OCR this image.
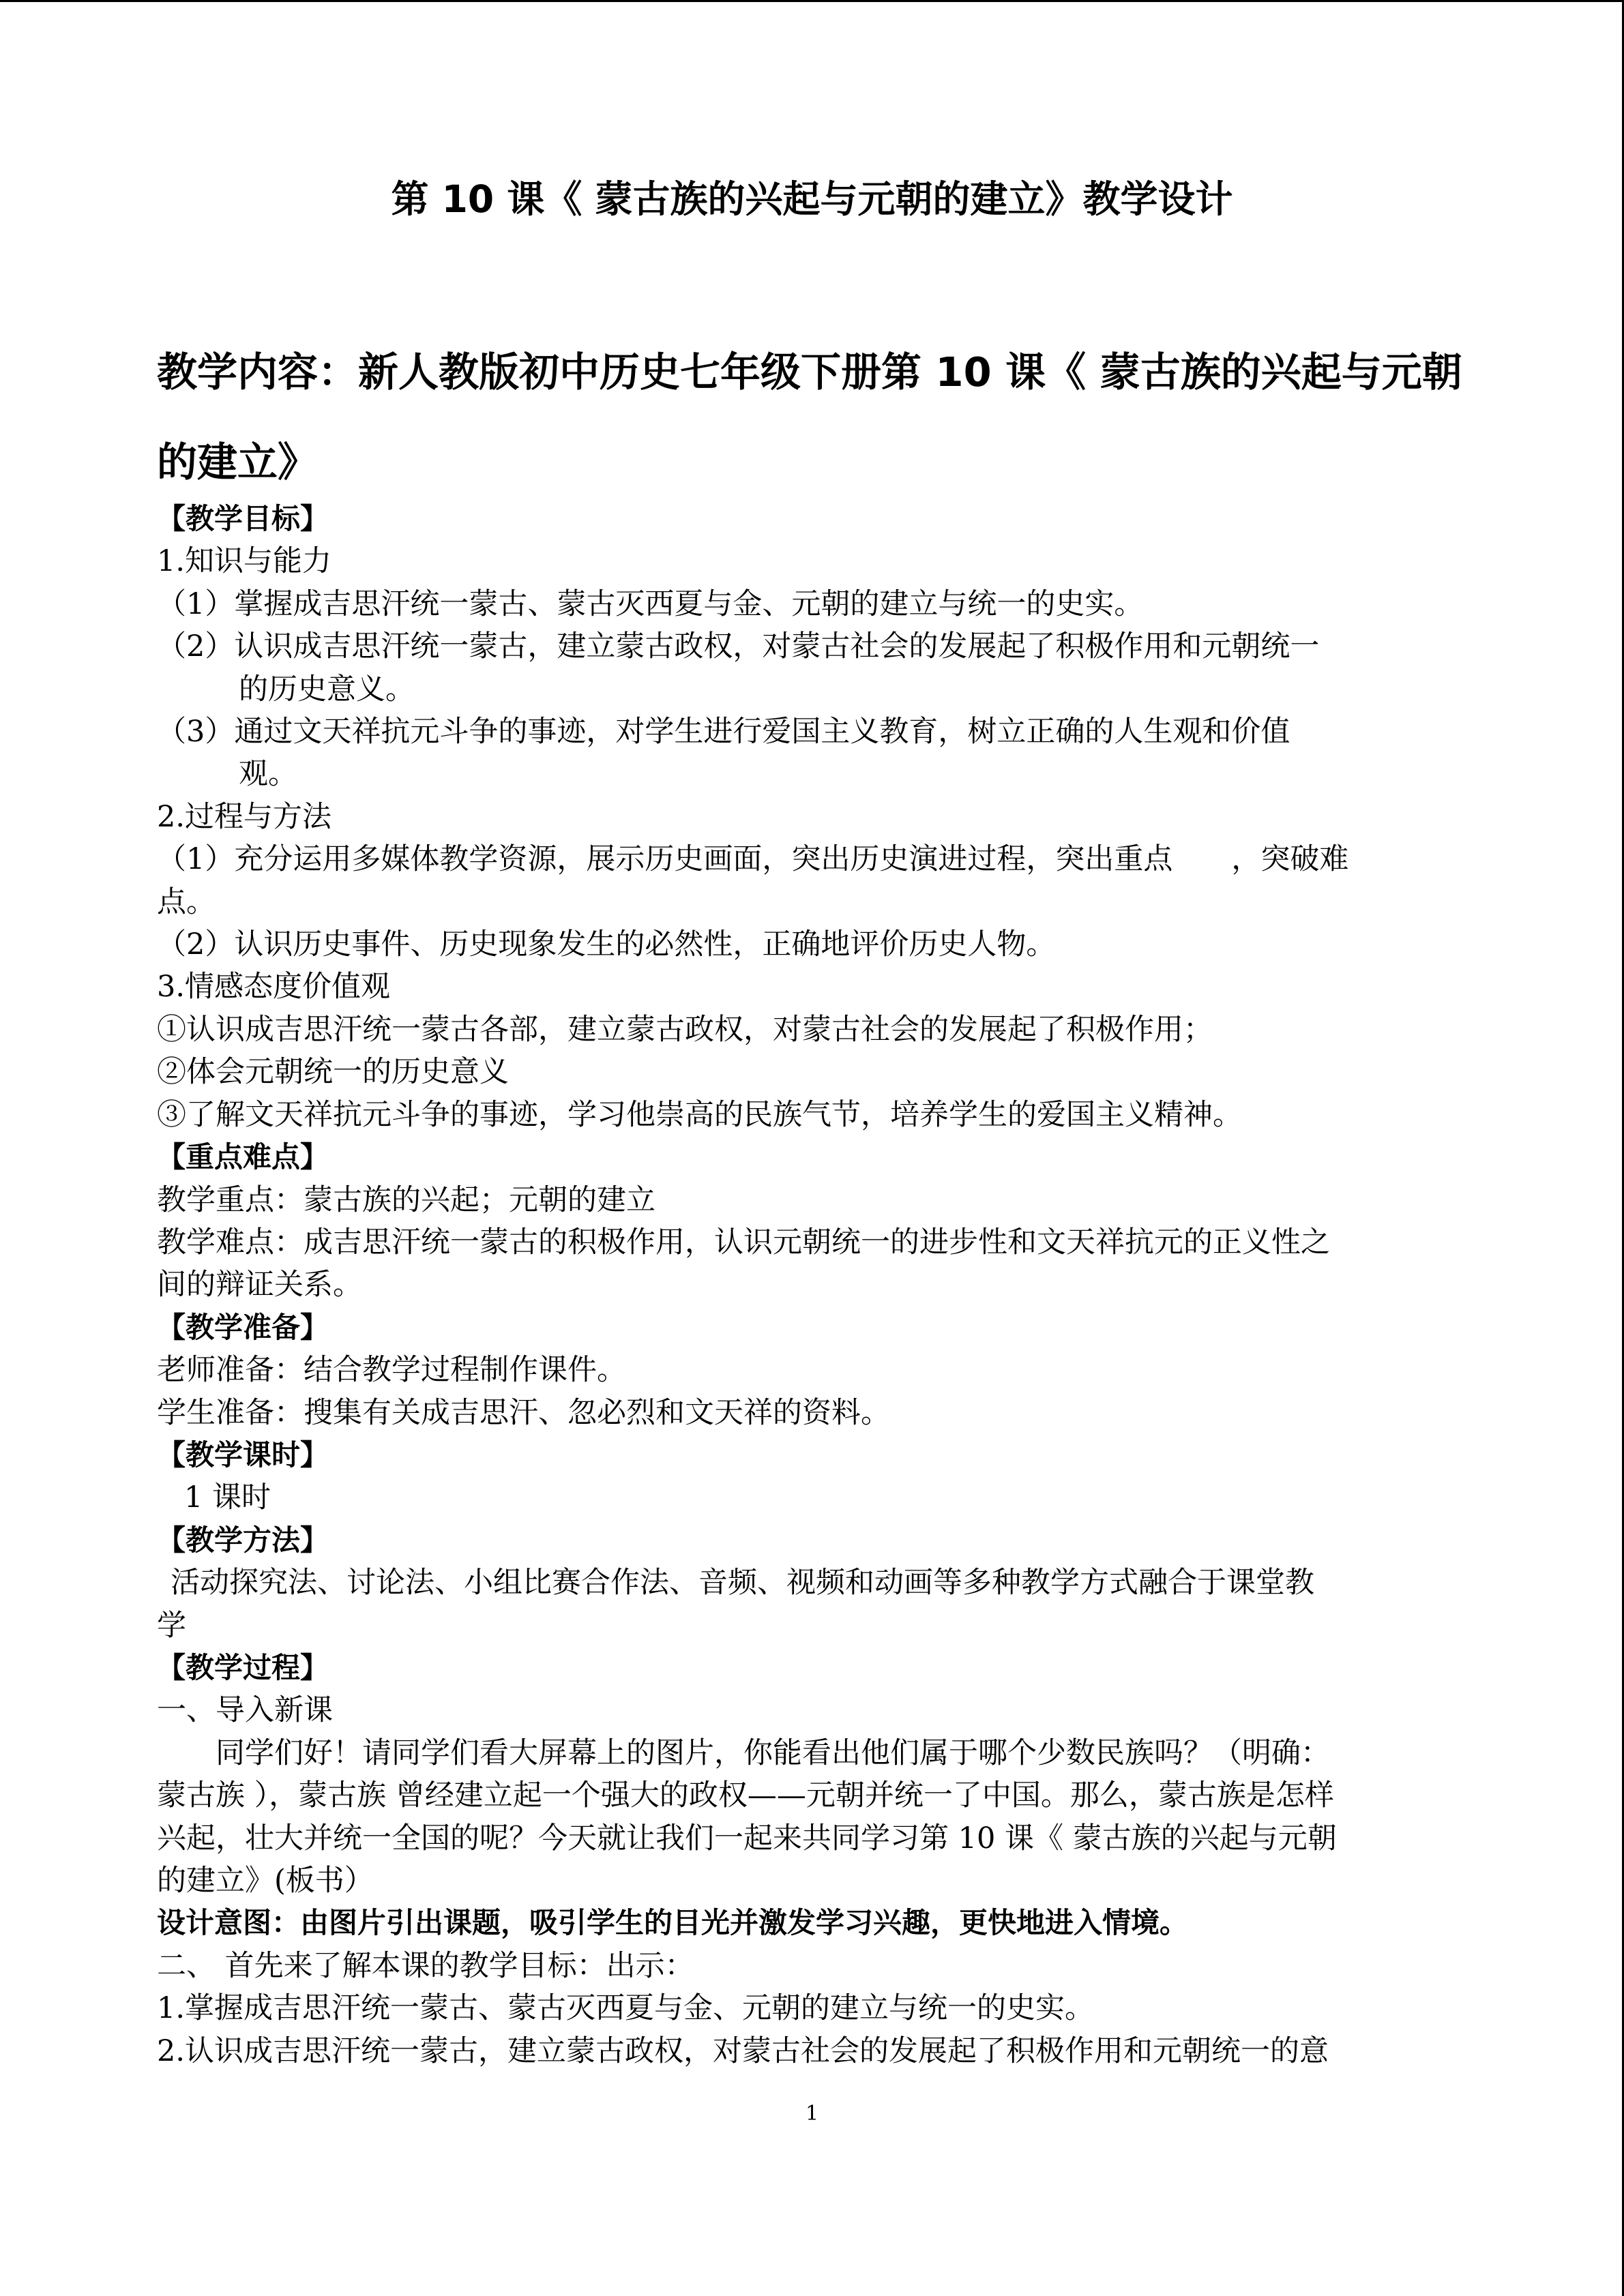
第 10 课《 蒙古族的兴起与元朝的建立》教学设计
教学内容：新人教版初中历史七年级下册第 10 课《 蒙古族的兴起与元朝的建立》

【教学目标】

1.知识与能力

（1）掌握成吉思汗统一蒙古、蒙古灭西夏与金、元朝的建立与统一的史实。

（2）认识成吉思汗统一蒙古，建立蒙古政权，对蒙古社会的发展起了积极作用和元朝统一

的历史意义。

（3）通过文天祥抗元斗争的事迹，对学生进行爱国主义教育，树立正确的人生观和价值

观。

2.过程与方法

（1）充分运用多媒体教学资源，展示历史画面，突出历史演进过程，突出重点　　，突破难

点。

（2）认识历史事件、历史现象发生的必然性，正确地评价历史人物。

3.情感态度价值观

①认识成吉思汗统一蒙古各部，建立蒙古政权，对蒙古社会的发展起了积极作用；

②体会元朝统一的历史意义

③了解文天祥抗元斗争的事迹，学习他崇高的民族气节，培养学生的爱国主义精神。

【重点难点】

教学重点：蒙古族的兴起；元朝的建立

教学难点：成吉思汗统一蒙古的积极作用，认识元朝统一的进步性和文天祥抗元的正义性之

间的辩证关系。

【教学准备】

老师准备：结合教学过程制作课件。

学生准备：搜集有关成吉思汗、忽必烈和文天祥的资料。

【教学课时】

1 课时

【教学方法】

活动探究法、讨论法、小组比赛合作法、音频、视频和动画等多种教学方式融合于课堂教

学

【教学过程】

一、导入新课

同学们好！请同学们看大屏幕上的图片，你能看出他们属于哪个少数民族吗？（明确：

蒙古族 ），蒙古族 曾经建立起一个强大的政权——元朝并统一了中国。那么，蒙古族是怎样

兴起，壮大并统一全国的呢？今天就让我们一起来共同学习第 10 课《 蒙古族的兴起与元朝

的建立》(板书）

设计意图：由图片引出课题，吸引学生的目光并激发学习兴趣，更快地进入情境。

二、 首先来了解本课的教学目标：出示：

1.掌握成吉思汗统一蒙古、蒙古灭西夏与金、元朝的建立与统一的史实。

2.认识成吉思汗统一蒙古，建立蒙古政权，对蒙古社会的发展起了积极作用和元朝统一的意

1
